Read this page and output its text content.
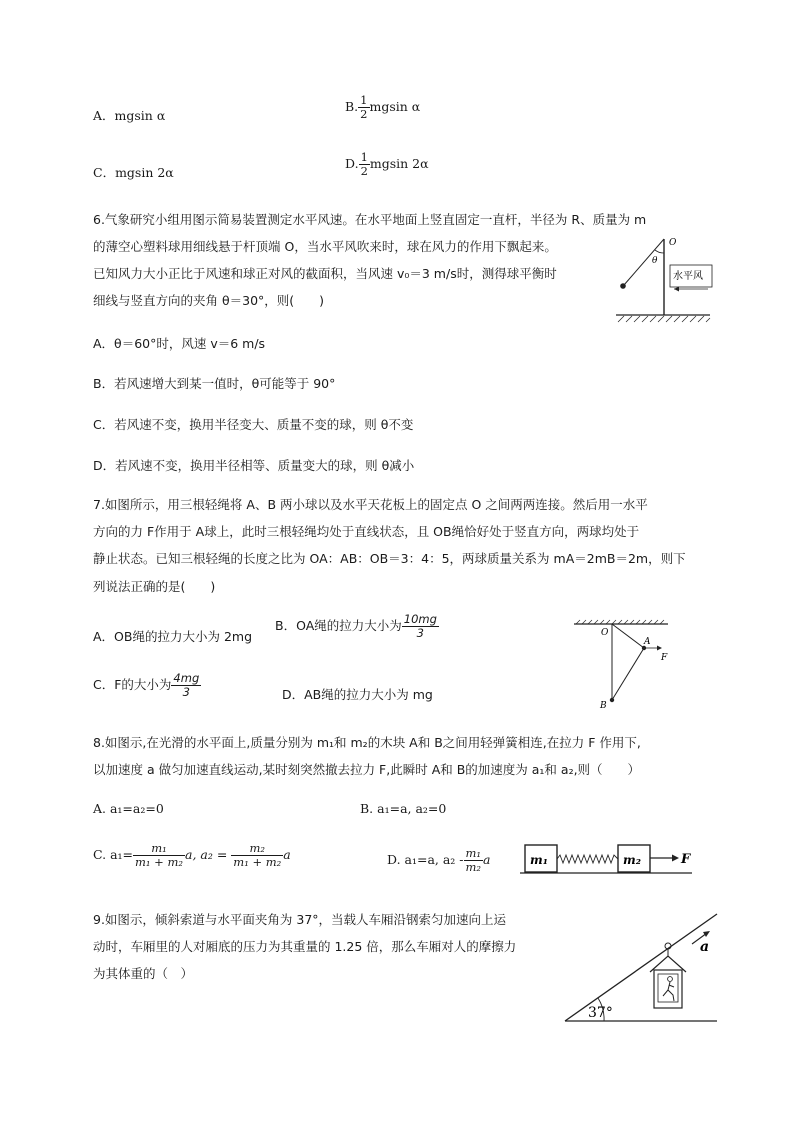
A．mgsin α
B. $\frac{1}{2}$ mgsin α
C．mgsin 2α
D. $\frac{1}{2}$ mgsin 2α
6.气象研究小组用图示简易装置测定水平风速。在水平地面上竖直固定一直杆，半径为 R、质量为 m
的薄空心塑料球用细线悬于杆顶端 O，当水平风吹来时，球在风力的作用下飘起来。
已知风力大小正比于风速和球正对风的截面积，当风速 v₀＝3 m/s时，测得球平衡时
细线与竖直方向的夹角 θ＝30°，则(　　)
θ
O
水平风
A．θ＝60°时，风速 v＝6 m/s
B．若风速增大到某一值时，θ可能等于 90°
C．若风速不变，换用半径变大、质量不变的球，则 θ不变
D．若风速不变，换用半径相等、质量变大的球，则 θ减小
7.如图所示，用三根轻绳将 A、B 两小球以及水平天花板上的固定点 O 之间两两连接。然后用一水平
方向的力 F作用于 A球上，此时三根轻绳均处于直线状态，且 OB绳恰好处于竖直方向，两球均处于
静止状态。已知三根轻绳的长度之比为 OA：AB：OB＝3：4：5，两球质量关系为 mA＝2mB＝2m，则下
列说法正确的是(　　)
A．OB绳的拉力大小为 2mg
B．OA绳的拉力大小为 $\frac{10mg}{3}$
C．F的大小为 $\frac{4mg}{3}$	D．AB绳的拉力大小为 mg
O
A
F
B
8.如图示,在光滑的水平面上,质量分别为 m₁和 m₂的木块 A和 B之间用轻弹簧相连,在拉力 F 作用下,
以加速度 a 做匀加速直线运动,某时刻突然撤去拉力 F,此瞬时 A和 B的加速度为 a₁和 a₂,则（　　）
A. a₁=a₂=0	B. a₁=a, a₂=0
C. $a_1= \frac{\text{m₁}}{\text{m₁ + m₂}} a$, $a_2 = \frac{\text{m₂}}{\text{m₁ + m₂}}$ a	D. a₁=a, $a_2 - \frac{\text{m₁}}{\text{m₂}}$ a	m₁	m₂	F
9.如图示，倾斜索道与水平面夹角为 37°，当载人车厢沿钢索匀加速向上运
动时，车厢里的人对厢底的压力为其重量的 1.25 倍，那么车厢对人的摩擦力
为其体重的（　）
37°
a
